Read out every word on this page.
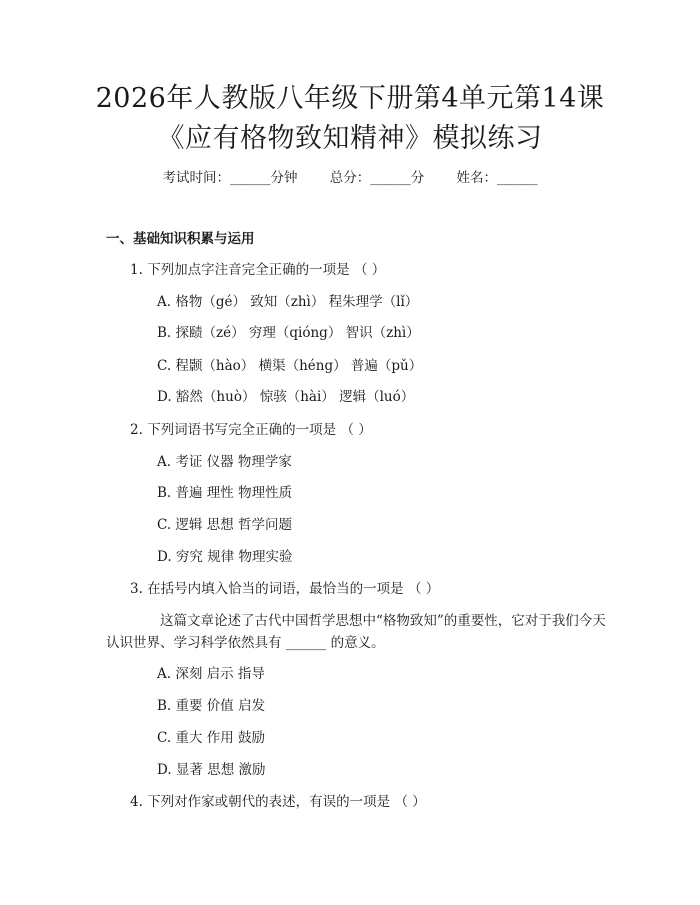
2026年人教版八年级下册第4单元第14课
《应有格物致知精神》模拟练习
考试时间：______分钟 总分：______分 姓名：______
一、基础知识积累与运用
1. 下列加点字注音完全正确的一项是 （ ）
A. 格物（gé） 致知（zhì） 程朱理学（lǐ）
B. 探赜（zé） 穷理（qióng） 智识（zhì）
C. 程颢（hào） 横渠（héng） 普遍（pǔ）
D. 豁然（huò） 惊骇（hài） 逻辑（luó）
2. 下列词语书写完全正确的一项是 （ ）
A. 考证 仪器 物理学家
B. 普遍 理性 物理性质
C. 逻辑 思想 哲学问题
D. 穷究 规律 物理实验
3. 在括号内填入恰当的词语，最恰当的一项是 （ ）
这篇文章论述了古代中国哲学思想中“格物致知”的重要性，它对于我们今天认识世界、学习科学依然具有 ______ 的意义。
A. 深刻 启示 指导
B. 重要 价值 启发
C. 重大 作用 鼓励
D. 显著 思想 激励
4. 下列对作家或朝代的表述，有误的一项是 （ ）
